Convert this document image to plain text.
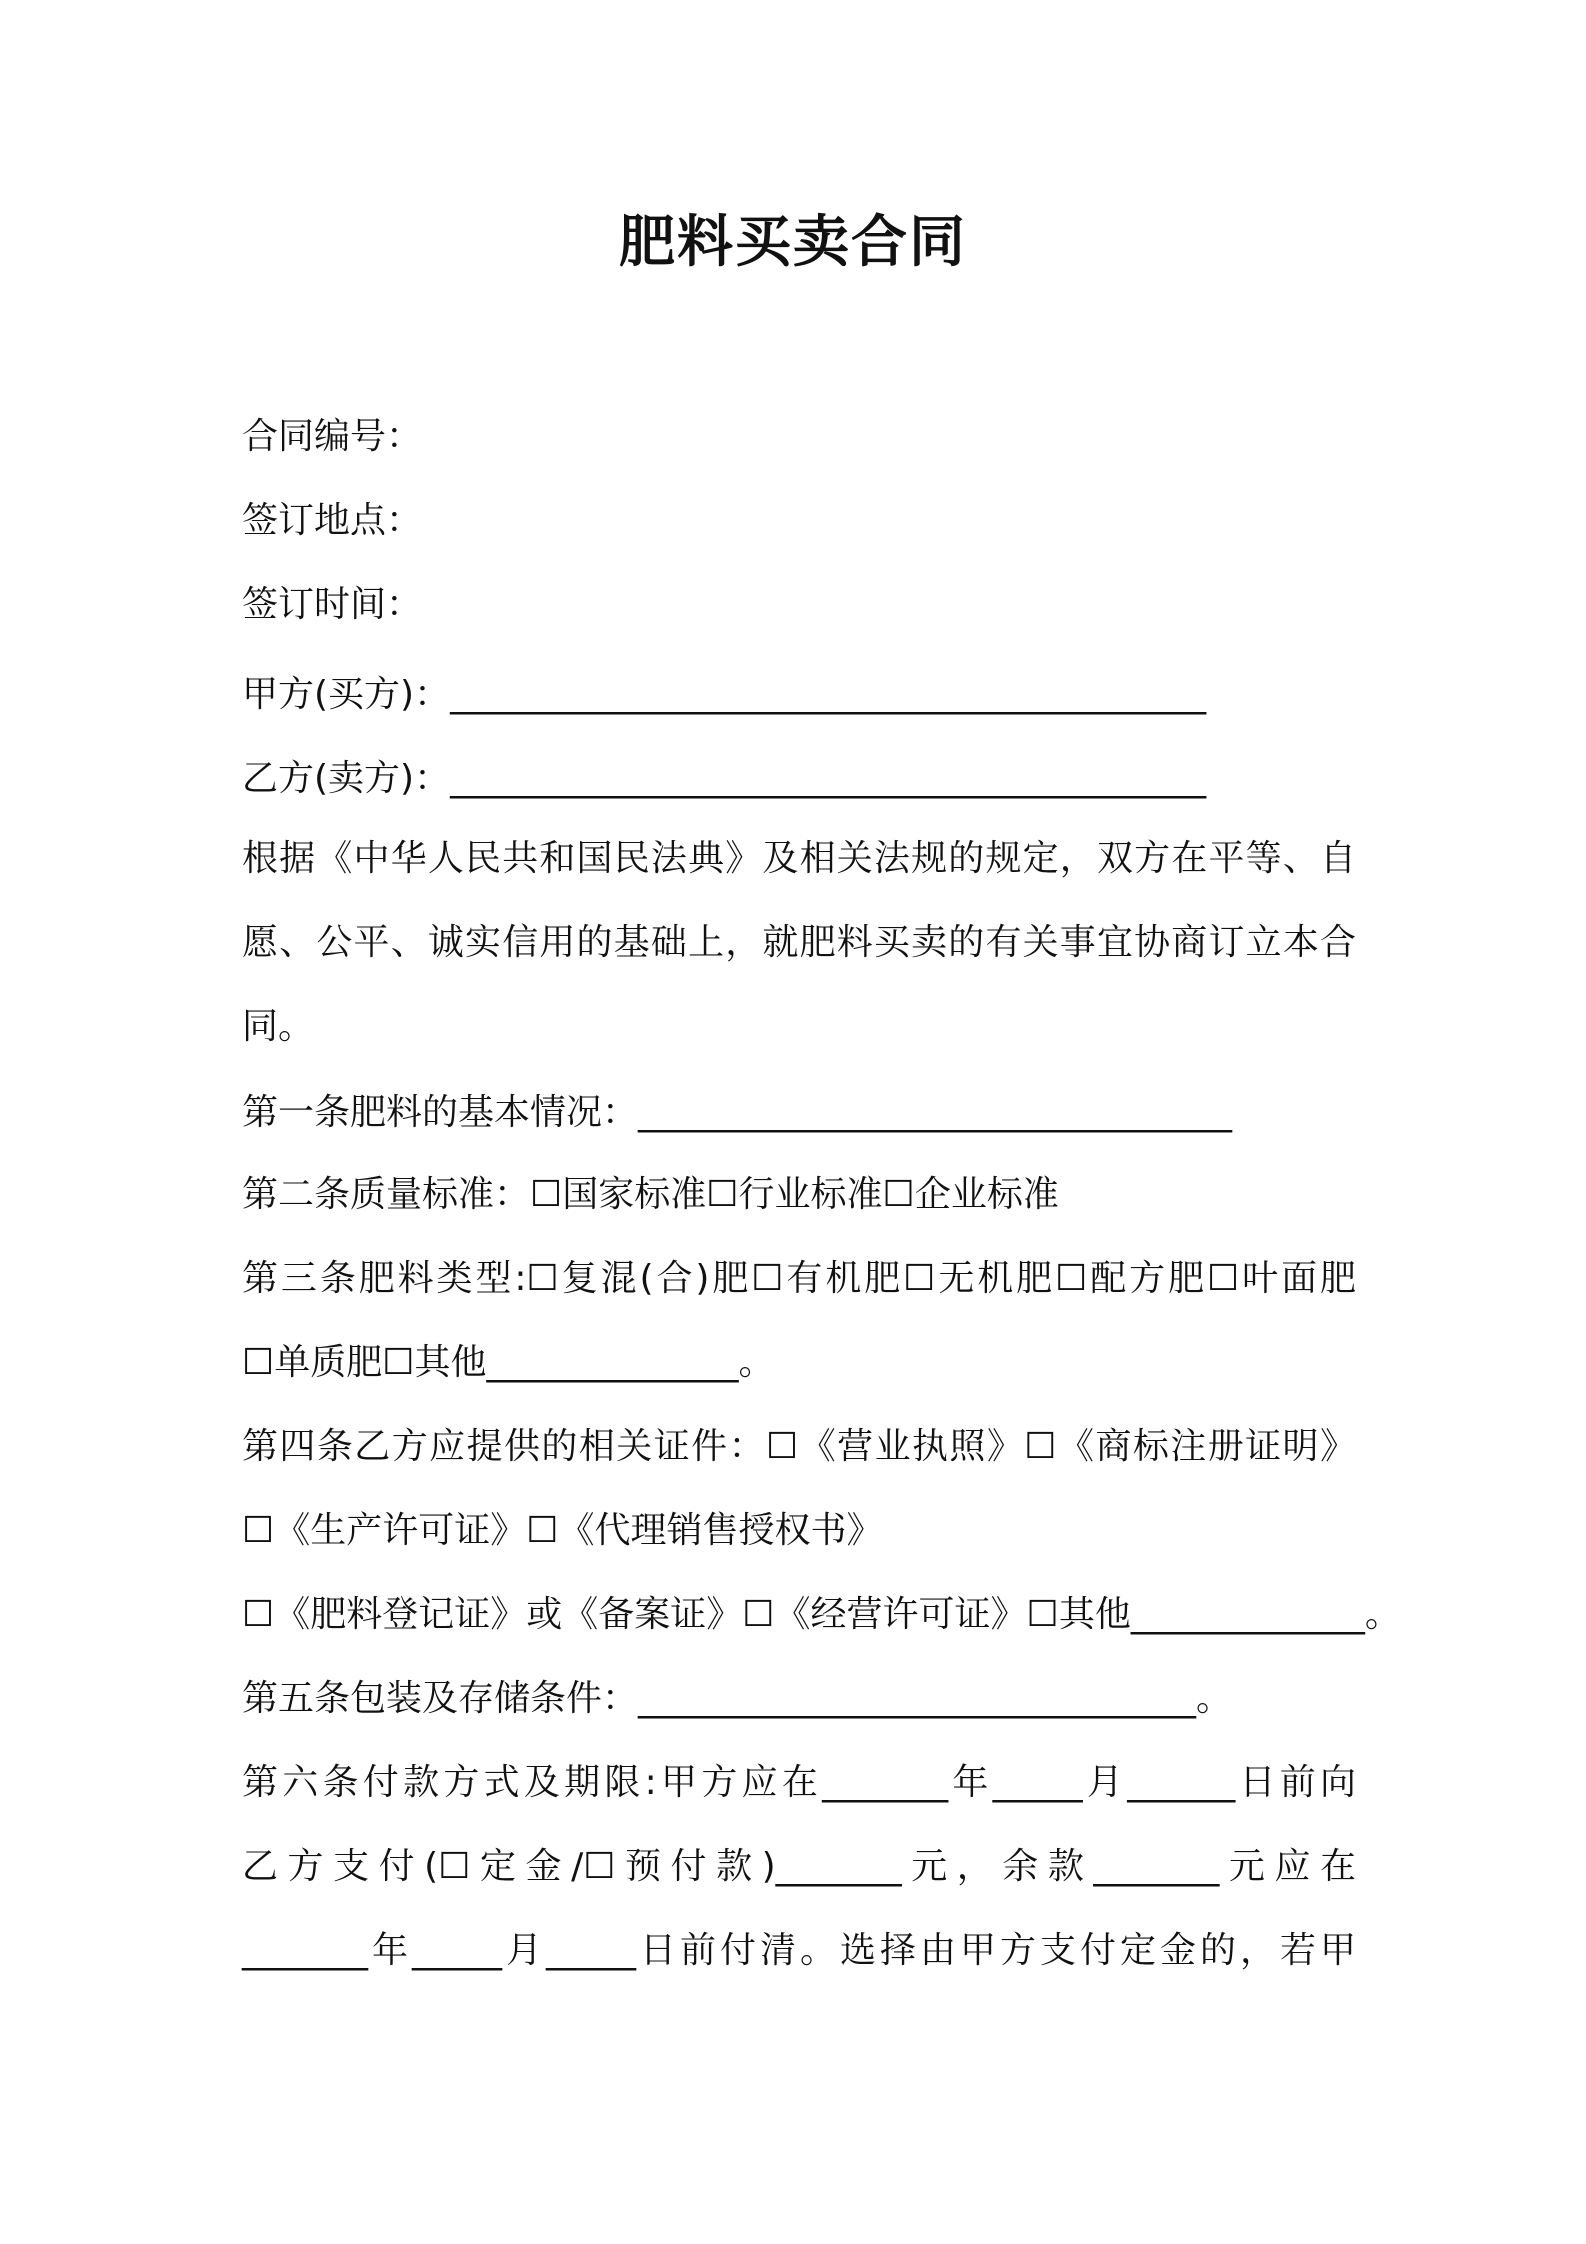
肥料买卖合同
合同编号：
签订地点：
签订时间：
甲方(买方)：__________________________________________
乙方(卖方)：__________________________________________
根据《中华人民共和国民法典》及相关法规的规定，双方在平等、自
愿、公平、诚实信用的基础上，就肥料买卖的有关事宜协商订立本合
同。
第一条肥料的基本情况：_________________________________
第二条质量标准：☐国家标准☐行业标准☐企业标准
第三条肥料类型:☐复混(合)肥☐有机肥☐无机肥☐配方肥☐叶面肥
☐单质肥☐其他______________。
第四条乙方应提供的相关证件：☐《营业执照》☐《商标注册证明》
☐《生产许可证》☐《代理销售授权书》
☐《肥料登记证》或《备案证》☐《经营许可证》☐其他_____________。
第五条包装及存储条件：_______________________________。
第六条付款方式及期限:甲方应在_______年_____月______日前向
乙方支付(☐定金/☐预付款)_______元，余款_______元应在
_______年_____月_____日前付清。选择由甲方支付定金的，若甲
